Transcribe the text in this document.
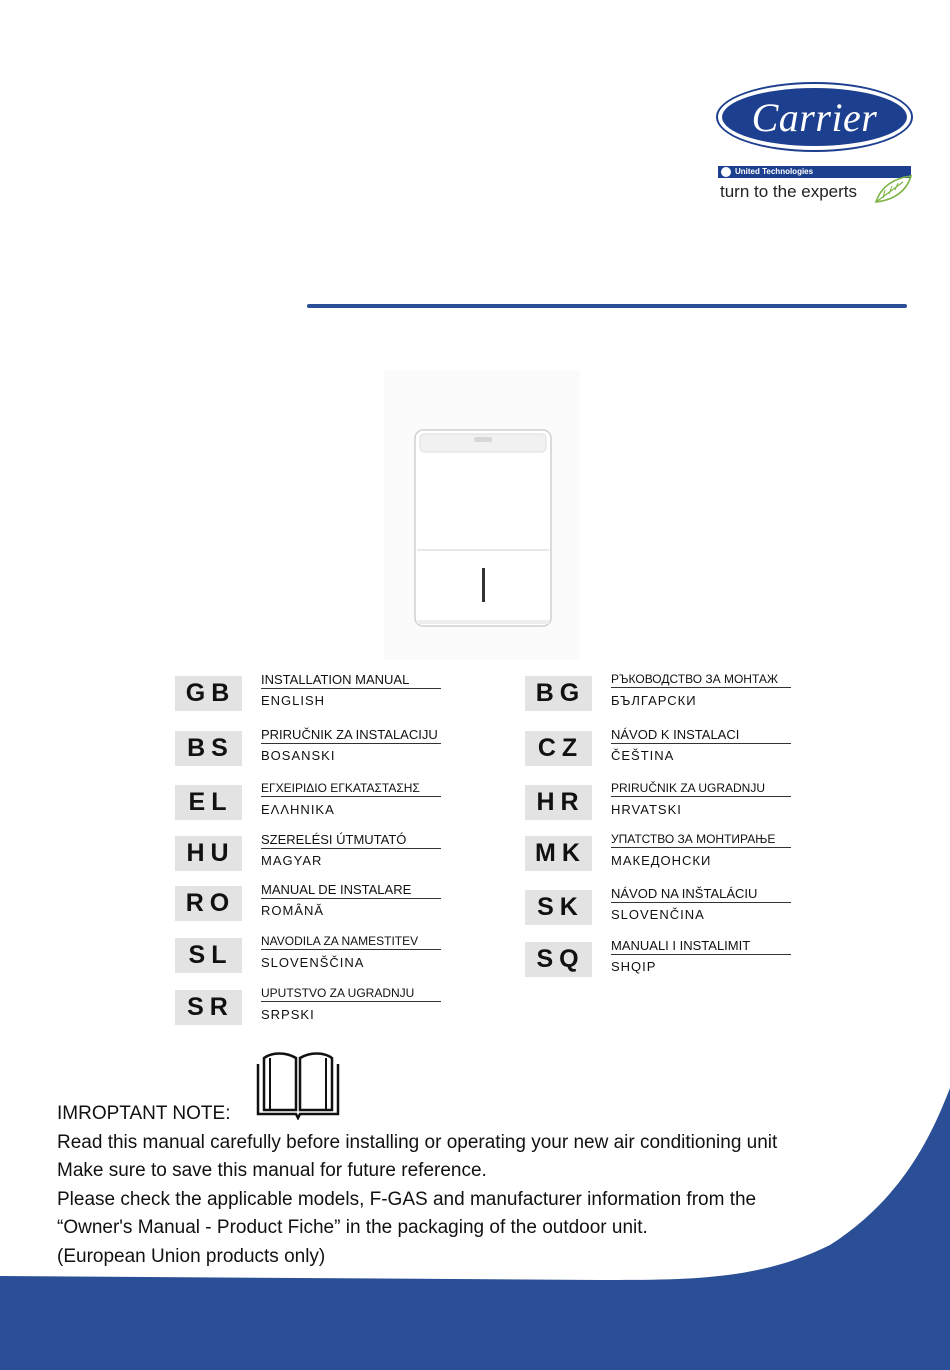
Carrier
United Technologies
turn to the experts
GB	INSTALLATION MANUAL
ENGLISH
BS	PRIRUČNIK ZA INSTALACIJU
BOSANSKI
EL	ΕΓΧΕΙΡΙΔΙΟ ΕΓΚΑΤΑΣΤΑΣΗΣ
ΕΛΛΗΝΙΚΑ
HU	SZERELÉSI ÚTMUTATÓ
MAGYAR
RO	MANUAL DE INSTALARE
ROMÂNĂ
SL	NAVODILA ZA NAMESTITEV
SLOVENŠČINA
SR	UPUTSTVO ZA UGRADNJU
SRPSKI
BG	РЪКОВОДСТВО ЗА МОНТАЖ
БЪЛГАРСКИ
CZ	NÁVOD K INSTALACI
ČEŠTINA
HR	PRIRUČNIK ZA UGRADNJU
HRVATSKI
MK	УПАТСТВО ЗА МОНТИРАЊЕ
МАКЕДОНСКИ
SK	NÁVOD NA INŠTALÁCIU
SLOVENČINA
SQ	MANUALI I INSTALIMIT
SHQIP
IMROPTANT NOTE:
Read this manual carefully before installing or operating your new air conditioning unit
Make sure to save this manual for future reference.
Please check the applicable models, F-GAS and manufacturer information from the
“Owner's Manual - Product Fiche” in the packaging of the outdoor unit.
(European Union products only)
